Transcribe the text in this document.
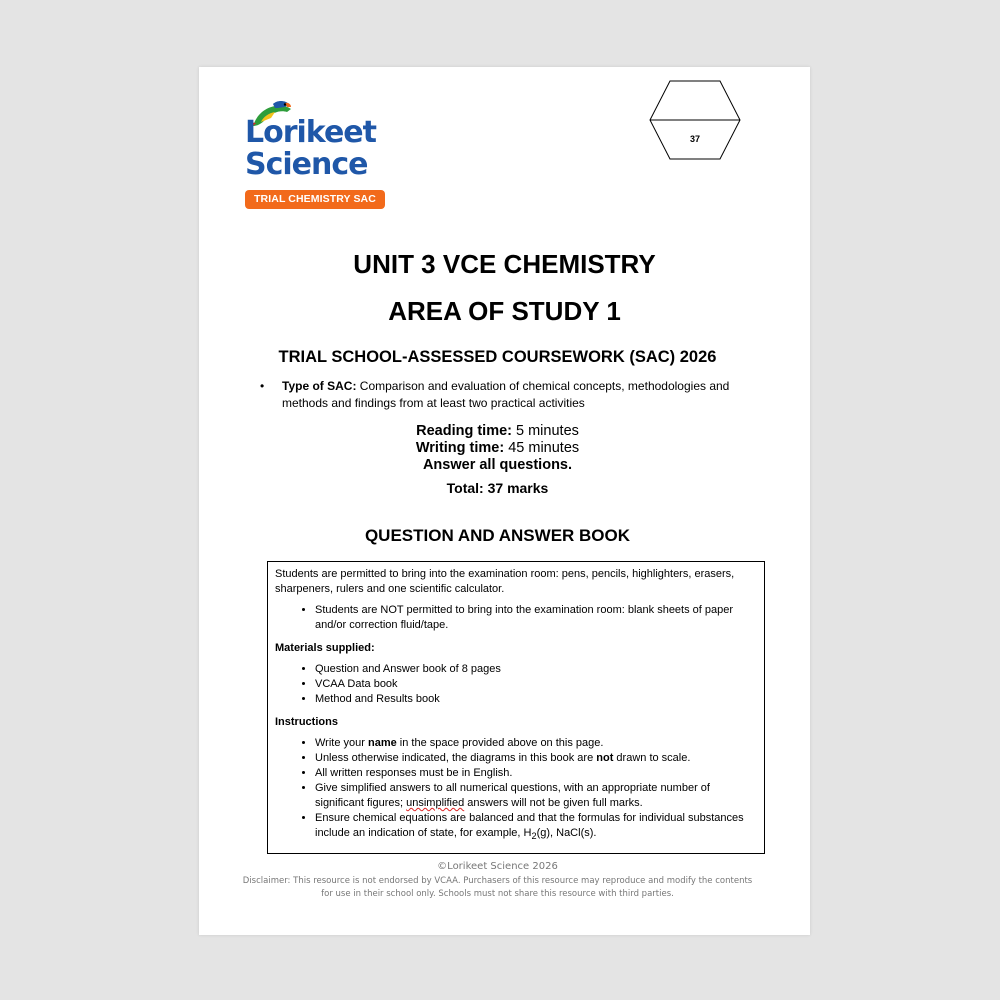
Lorikeet
Science
TRIAL CHEMISTRY SAC
37
UNIT 3 VCE CHEMISTRY
AREA OF STUDY 1
TRIAL SCHOOL-ASSESSED COURSEWORK (SAC) 2026
•	Type of SAC: Comparison and evaluation of chemical concepts, methodologies and methods and findings from at least two practical activities
Reading time: 5 minutes
Writing time: 45 minutes
Answer all questions.
Total: 37 marks
QUESTION AND ANSWER BOOK

Students are permitted to bring into the examination room: pens, pencils, highlighters, erasers, sharpeners, rulers and one scientific calculator.

• Students are NOT permitted to bring into the examination room: blank sheets of paper and/or correction fluid/tape.

Materials supplied:

• Question and Answer book of 8 pages
• VCAA Data book
• Method and Results book

Instructions

• Write your name in the space provided above on this page.
• Unless otherwise indicated, the diagrams in this book are not drawn to scale.
• All written responses must be in English.
• Give simplified answers to all numerical questions, with an appropriate number of significant figures; unsimplified answers will not be given full marks.
• Ensure chemical equations are balanced and that the formulas for individual substances include an indication of state, for example, $H_2(g)$, NaCl(s).
©Lorikeet Science 2026
Disclaimer: This resource is not endorsed by VCAA. Purchasers of this resource may reproduce and modify the contents for use in their school only. Schools must not share this resource with third parties.
